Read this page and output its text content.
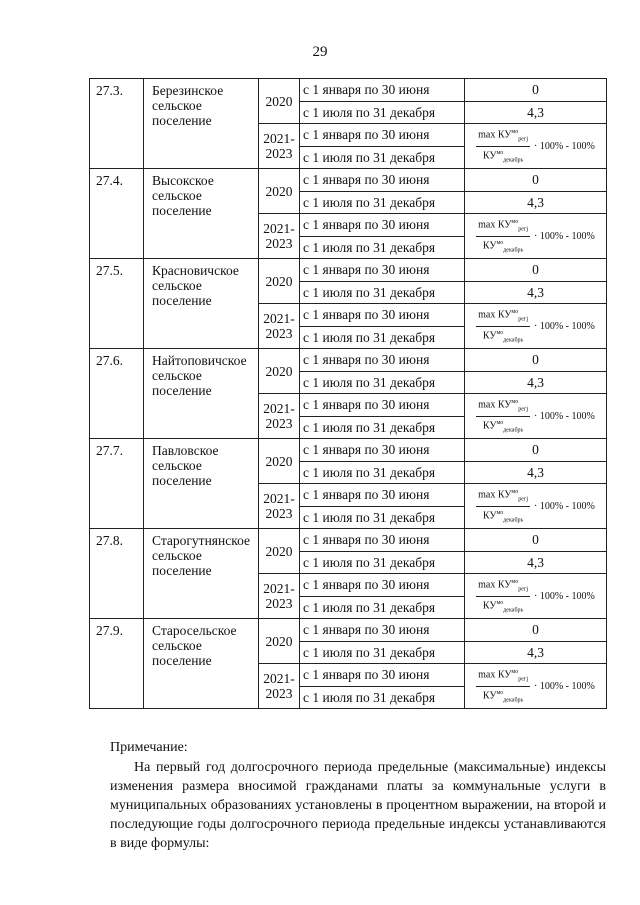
29
27.3.	Березинское сельское поселение	2020	с 1 января по 30 июня	0
			с 1 июля по 31 декабря	4,3
		2021-2023	с 1 января по 30 июня	$\frac{\max КУ^{мо}_{регj}}{КУ^{мо}_{декабрь}} \cdot 100\% - 100\%$

			с 1 июля по 31 декабря	
27.4.	Высокское сельское поселение	2020	с 1 января по 30 июня	0
			с 1 июля по 31 декабря	4,3
		2021-2023	с 1 января по 30 июня	$\frac{\max КУ^{мо}_{регj}}{КУ^{мо}_{декабрь}} \cdot 100\% - 100\%$

			с 1 июля по 31 декабря	
27.5.	Красновичское сельское поселение	2020	с 1 января по 30 июня	0
			с 1 июля по 31 декабря	4,3
		2021-2023	с 1 января по 30 июня	$\frac{\max КУ^{мо}_{регj}}{КУ^{мо}_{декабрь}} \cdot 100\% - 100\%$

			с 1 июля по 31 декабря	
27.6.	Найтоповичское сельское поселение	2020	с 1 января по 30 июня	0
			с 1 июля по 31 декабря	4,3
		2021-2023	с 1 января по 30 июня	$\frac{\max КУ^{мо}_{регj}}{КУ^{мо}_{декабрь}} \cdot 100\% - 100\%$

			с 1 июля по 31 декабря	
27.7.	Павловское сельское поселение	2020	с 1 января по 30 июня	0
			с 1 июля по 31 декабря	4,3
		2021-2023	с 1 января по 30 июня	$\frac{\max КУ^{мо}_{регj}}{КУ^{мо}_{декабрь}} \cdot 100\% - 100\%$

			с 1 июля по 31 декабря	
27.8.	Старогутнянское сельское поселение	2020	с 1 января по 30 июня	0
			с 1 июля по 31 декабря	4,3
		2021-2023	с 1 января по 30 июня	$\frac{\max КУ^{мо}_{регj}}{КУ^{мо}_{декабрь}} \cdot 100\% - 100\%$

			с 1 июля по 31 декабря	
27.9.	Старосельское сельское поселение	2020	с 1 января по 30 июня	0
			с 1 июля по 31 декабря	4,3
		2021-2023	с 1 января по 30 июня	$\frac{\max КУ^{мо}_{регj}}{КУ^{мо}_{декабрь}} \cdot 100\% - 100\%$

			с 1 июля по 31 декабря	

Примечание:

На первый год долгосрочного периода предельные (максимальные) индексы изменения размера вносимой гражданами платы за коммунальные услуги в муниципальных образованиях установлены в процентном выражении, на второй и последующие годы долгосрочного периода предельные индексы устанавливаются в виде формулы:
